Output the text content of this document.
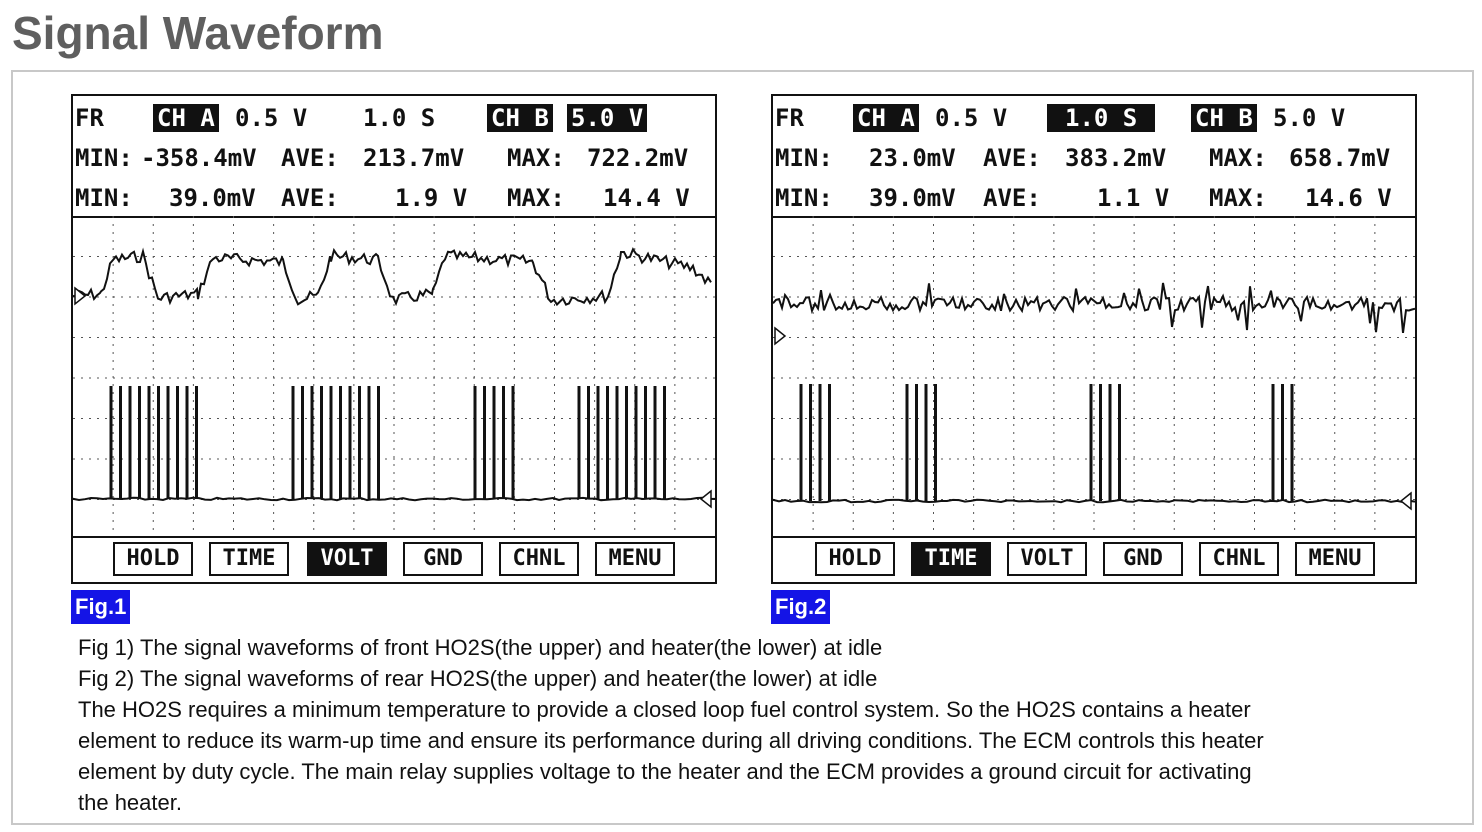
Signal Waveform
FR CH A 0.5 V 1.0 S CH B 5.0 V
MIN: -358.4mV AVE: 213.7mV MAX: 722.2mV
MIN: 39.0mV AVE: 1.9 V MAX: 14.4 V
HOLD	TIME	VOLT	GND	CHNL	MENU
FR CH A 0.5 V	1.0 S	CH B 5.0 V
MIN: 23.0mV AVE: 383.2mV MAX: 658.7mV
MIN: 39.0mV AVE: 1.1 V MAX: 14.6 V
HOLD	TIME	VOLT	GND	CHNL	MENU
Fig.1	Fig.2
Fig 1) The signal waveforms of front HO2S(the upper) and heater(the lower) at idle
Fig 2) The signal waveforms of rear HO2S(the upper) and heater(the lower) at idle
The HO2S requires a minimum temperature to provide a closed loop fuel control system. So the HO2S contains a heater
element to reduce its warm-up time and ensure its performance during all driving conditions. The ECM controls this heater
element by duty cycle. The main relay supplies voltage to the heater and the ECM provides a ground circuit for activating
the heater.
